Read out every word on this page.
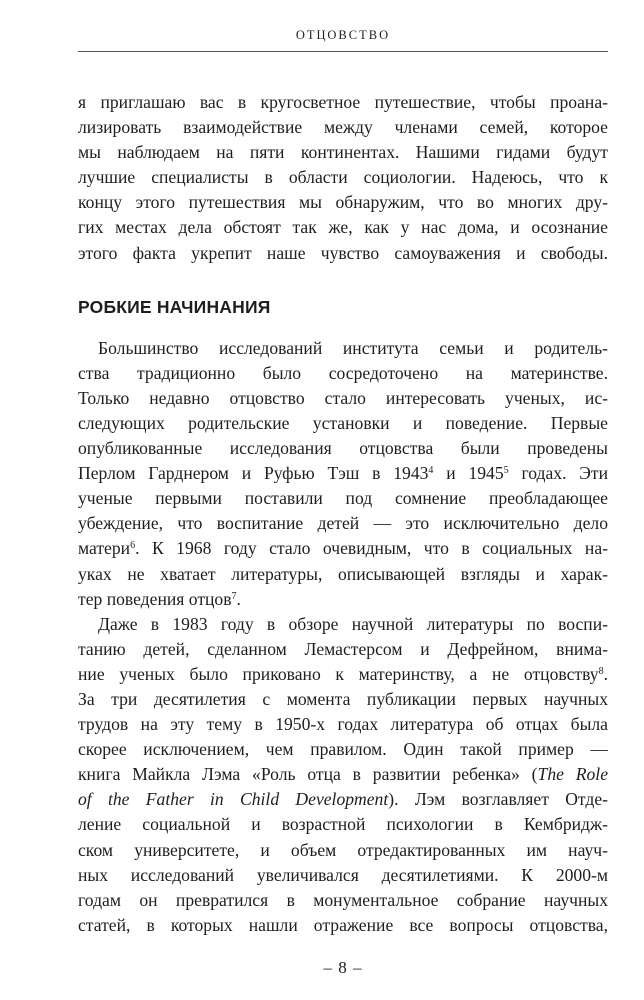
ОТЦОВСТВО
я приглашаю вас в кругосветное путешествие, чтобы проана-
лизировать взаимодействие между членами семей, которое
мы наблюдаем на пяти континентах. Нашими гидами будут
лучшие специалисты в области социологии. Надеюсь, что к
концу этого путешествия мы обнаружим, что во многих дру-
гих местах дела обстоят так же, как у нас дома, и осознание
этого факта укрепит наше чувство самоуважения и свободы.
РОБКИЕ НАЧИНАНИЯ
Большинство исследований института семьи и родитель-
ства традиционно было сосредоточено на материнстве.
Только недавно отцовство стало интересовать ученых, ис-
следующих родительские установки и поведение. Первые
опубликованные исследования отцовства были проведены
Перлом Гарднером и Руфью Тэш в 1943$^4$ и 1945$^5$ годах. Эти
ученые первыми поставили под сомнение преобладающее
убеждение, что воспитание детей — это исключительно дело
матери$^6$. К 1968 году стало очевидным, что в социальных на-
уках не хватает литературы, описывающей взгляды и харак-
тер поведения отцов$^7$.
Даже в 1983 году в обзоре научной литературы по воспи-
танию детей, сделанном Лемастерсом и Дефрейном, внима-
ние ученых было приковано к материнству, а не отцовству$^8$.
За три десятилетия с момента публикации первых научных
трудов на эту тему в 1950-х годах литература об отцах была
скорее исключением, чем правилом. Один такой пример —
книга Майкла Лэма «Роль отца в развитии ребенка» (The Role
of the Father in Child Development). Лэм возглавляет Отде-
ление социальной и возрастной психологии в Кембридж-
ском университете, и объем отредактированных им науч-
ных исследований увеличивался десятилетиями. К 2000-м
годам он превратился в монументальное собрание научных
статей, в которых нашли отражение все вопросы отцовства,
– 8 –
